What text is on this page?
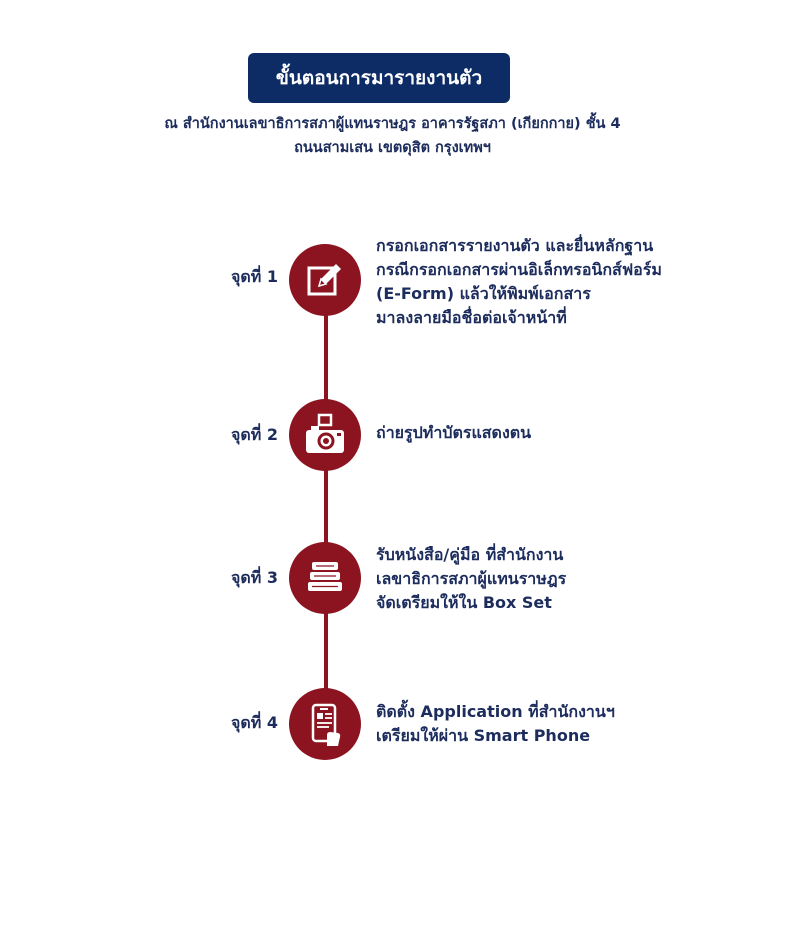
ขั้นตอนการมารายงานตัว
ณ สำนักงานเลขาธิการสภาผู้แทนราษฎร อาคารรัฐสภา (เกียกกาย) ชั้น 4
ถนนสามเสน เขตดุสิต กรุงเทพฯ
จุดที่ 1
กรอกเอกสารรายงานตัว และยื่นหลักฐาน
กรณีกรอกเอกสารผ่านอิเล็กทรอนิกส์ฟอร์ม
(E-Form) แล้วให้พิมพ์เอกสาร
มาลงลายมือชื่อต่อเจ้าหน้าที่
จุดที่ 2	ถ่ายรูปทำบัตรแสดงตน
จุดที่ 3
รับหนังสือ/คู่มือ ที่สำนักงาน
เลขาธิการสภาผู้แทนราษฎร
จัดเตรียมให้ใน Box Set
จุดที่ 4
ติดตั้ง Application ที่สำนักงานฯ
เตรียมให้ผ่าน Smart Phone
